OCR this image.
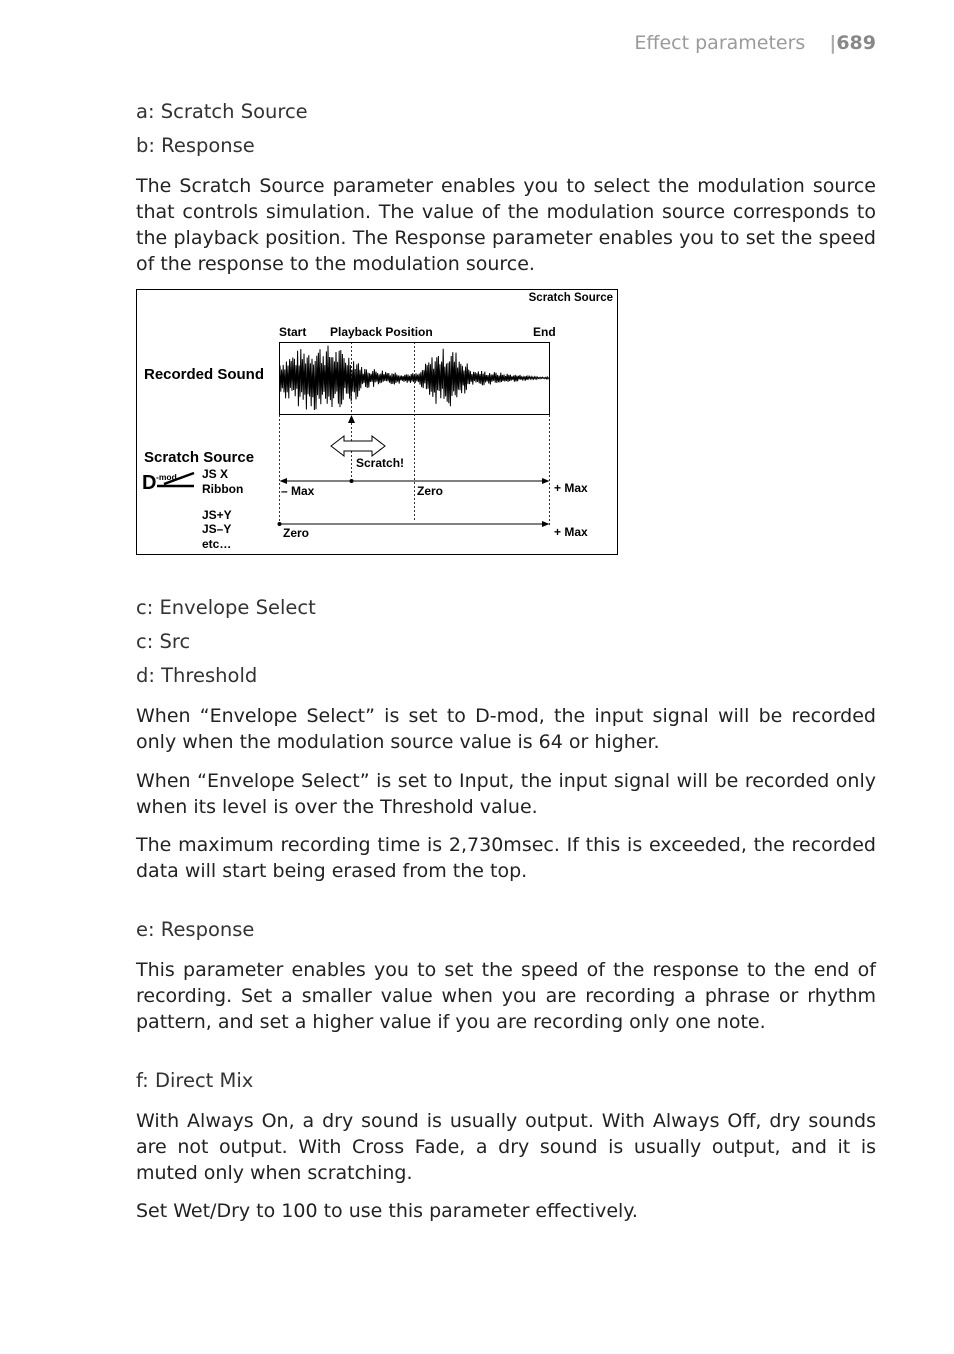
Effect parameters |689
a: Scratch Source
b: Response
The Scratch Source parameter enables you to select the modulation source that controls simulation. The value of the modulation source corresponds to the playback position. The Response parameter enables you to set the speed of the response to the modulation source.
c: Envelope Select
c: Src
d: Threshold
When “Envelope Select” is set to D-mod, the input signal will be recorded only when the modulation source value is 64 or higher.
When “Envelope Select” is set to Input, the input signal will be recorded only when its level is over the Threshold value.
The maximum recording time is 2,730msec. If this is exceeded, the recorded data will start being erased from the top.
e: Response
This parameter enables you to set the speed of the response to the end of recording. Set a smaller value when you are recording a phrase or rhythm pattern, and set a higher value if you are recording only one note.
f: Direct Mix
With Always On, a dry sound is usually output. With Always Off, dry sounds are not output. With Cross Fade, a dry sound is usually output, and it is muted only when scratching.
Set Wet/Dry to 100 to use this parameter effectively.
Scratch Source
Start Playback Position	End
Recorded Sound
Scratch!
Scratch Source
D -mod JS X
Ribbon
JS+Y
JS–Y
etc…
– Max	Zero	+ Max
Zero	+ Max
